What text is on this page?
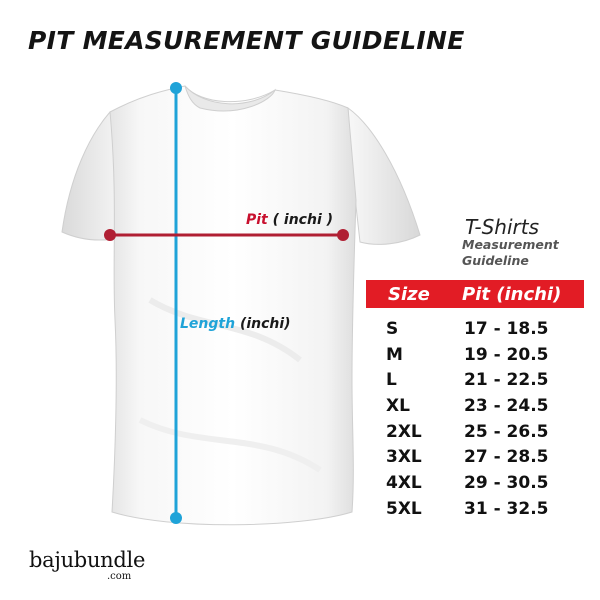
PIT MEASUREMENT GUIDELINE
Pit ( inchi )
Length (inchi)
T-Shirts
Measurement
Guideline
Size	Pit (inchi)
S	17 - 18.5
M	19 - 20.5
L	21 - 22.5
XL	23 - 24.5
2XL	25 - 26.5
3XL	27 - 28.5
4XL	29 - 30.5
5XL	31 - 32.5
bajubundle
.com
